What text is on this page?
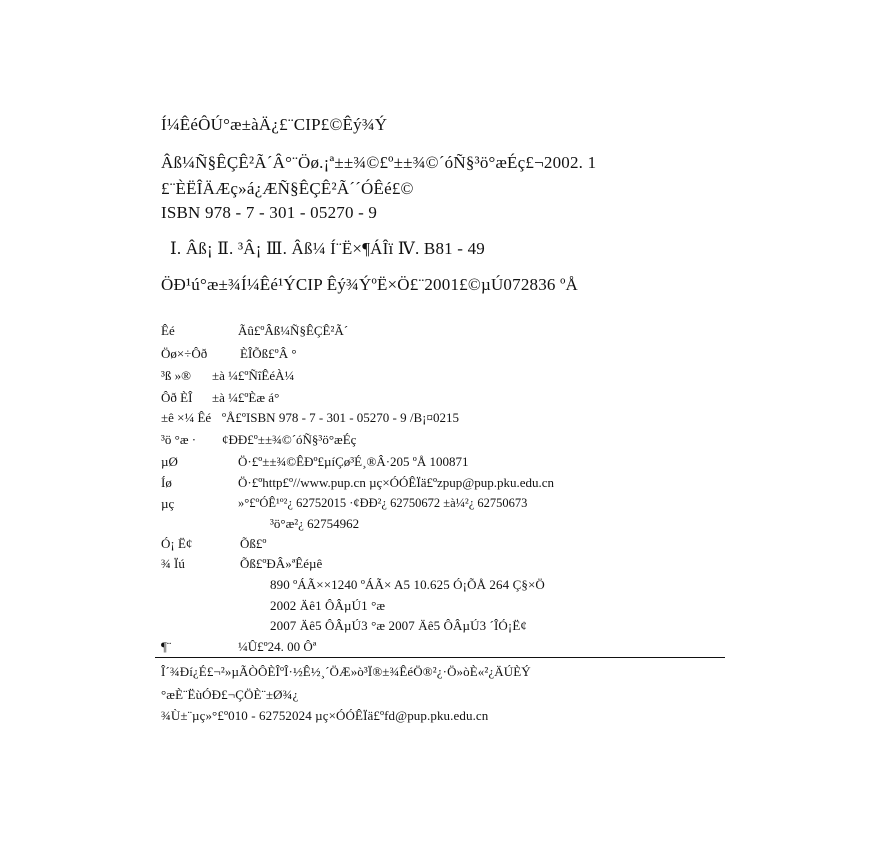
Í¼ÊéÔÚ°æ±àÄ¿£¨CIP£©Êý¾Ý
Âß¼Ñ§ÊÇÊ²Ã´Â°¨Öø.¡ª±±¾©£º±±¾©´óÑ§³ö°æÉç£¬2002. 1
£¨ÈËÎÄÆç»á¿ÆÑ§ÊÇÊ²Ã´´ÓÊé£©
ISBN 978 - 7 - 301 - 05270 - 9
Ⅰ. Âß¡ Ⅱ. ³Â¡ Ⅲ. Âß¼ Í¨Ë×¶ÁÎï Ⅳ. B81 - 49
ÖÐ¹ú°æ±¾Í¼Êé¹ÝCIP Êý¾ÝºË×Ö£¨2001£©µÚ072836 ºÅ
Êé	Ãû£ºÂß¼Ñ§ÊÇÊ²Ã´
Öø×÷Ôð	ÈÎÕß£ºÂ °
³ß »® ±à ¼£ºÑîÊéÀ¼
Ôð ÈÎ ±à ¼£ºÈæ á°
±ê ×¼ Êé ºÅ£ºISBN 978 - 7 - 301 - 05270 - 9 /B¡¤0215
³ö °æ · ¢ÐÐ£º±±¾©´óÑ§³ö°æÉç
µØ	Ö·£º±±¾©ÊÐº£µíÇø³É¸®Â·205 ºÅ 100871
Íø	Ö·£ºhttp£º//www.pup.cn µç×ÓÓÊÏä£ºzpup@pup.pku.edu.cn
µç	»°£ºÓÊ¹º²¿ 62752015 ·¢ÐÐ²¿ 62750672 ±à¼²¿ 62750673
³ö°æ²¿ 62754962
Ó¡ Ë¢	Õß£º
¾ Ïú	Õß£ºÐÂ»ªÊéµê
890 ºÁÃ××1240 ºÁÃ× A5 10.625 Ó¡ÕÅ 264 Ç§×Ö
2002 Äê1 ÔÂµÚ1 °æ
2007 Äê5 ÔÂµÚ3 °æ 2007 Äê5 ÔÂµÚ3 ´ÎÓ¡Ë¢
¶¨	¼Û£º24. 00 Ôª
Î´¾Ðí¿É£¬²»µÃÒÔÈÎºÎ·½Ê½¸´ÖÆ»ò³Ï®±¾ÊéÖ®²¿·Ö»òÈ«²¿ÄÚÈÝ
°æÈ¨ËùÓÐ£¬ÇÖÈ¨±Ø¾¿
¾Ù±¨µç»°£º010 - 62752024 µç×ÓÓÊÏä£ºfd@pup.pku.edu.cn
